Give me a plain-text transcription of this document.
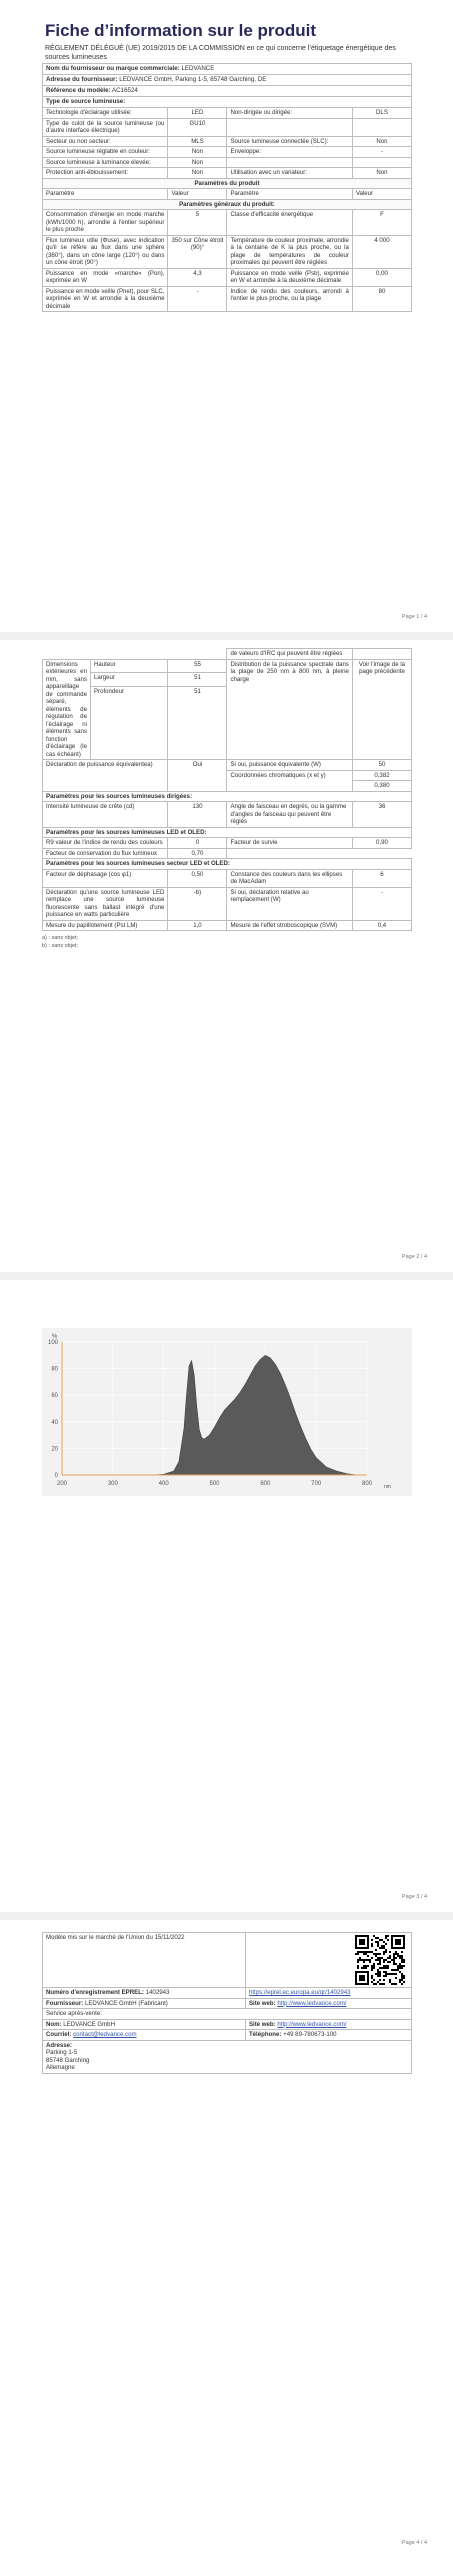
Fiche d’information sur le produit
RÈGLEMENT DÉLÉGUÉ (UE) 2019/2015 DE LA COMMISSION en ce qui concerne l’étiquetage énergétique des sources lumineuses
Nom du fournisseur ou marque commerciale: LEDVANCE
Adresse du fournisseur: LEDVANCE GmbH, Parking 1-5, 85748 Garching, DE
Référence du modèle: AC16524
Type de source lumineuse:
Technologie d'éclairage utilisée:	LED	Non-dirigée ou dirigée:	DLS
Type de culot de la source lumineuse (ou d'autre interface électrique)	GU10		
Secteur ou non secteur:	MLS	Source lumineuse connectée (SLC):	Non
Source lumineuse réglable en couleur:	Non	Enveloppe:	-
Source lumineuse à luminance élevée:	Non		
Protection anti-éblouissement:	Non	Utilisation avec un variateur:	Non
Paramètres du produit			
Paramètre	Valeur	Paramètre	Valeur
Paramètres généraux du produit:			
Consommation d'énergie en mode marche (kWh/1000 h), arrondie à l'entier supérieur le plus proche	5	Classe d'efficacité énergétique	F
Flux lumineux utile (Φuse), avec indication qu'il se réfère au flux dans une sphère (360°), dans un cône large (120°) ou dans un cône étroit (90°)	350 sur Cône étroit (90)°	Température de couleur proximale, arrondie à la centaine de K la plus proche, ou la plage de températures de couleur proximales qui peuvent être réglées	4 000
Puissance en mode «marche» (Pon), exprimée en W	4,3	Puissance en mode veille (Psb), exprimée en W et arrondie à la deuxième décimale	0,00
Puissance en mode veille (Pnet), pour SLC, exprimée en W et arrondie à la deuxième décimale	-	Indice de rendu des couleurs, arrondi à l'entier le plus proche, ou la plage	80
Page 1 / 4
			de valeurs d'IRC qui peuvent être réglées	
Dimensions extérieures en mm, sans appareillage de commande séparé, éléments de régulation de l'éclairage ni éléments sans fonction d'éclairage (le cas échéant)	Hauteur	55	Distribution de la puissance spectrale dans la plage de 250 nm à 800 nm, à pleine charge	Voir l'image de la page précédente
	Largeur	51		
	Profondeur	51		
Déclaration de puissance équivalentea)		Oui	Si oui, puissance équivalente (W)	50
			Coordonnées chromatiques (x et y)	0,382
				0,380
Paramètres pour les sources lumineuses dirigées:				
Intensité lumineuse de crête (cd)		130	Angle de faisceau en degrés, ou la gamme d'angles de faisceau qui peuvent être réglés	36
Paramètres pour les sources lumineuses LED et OLED:				
R9 valeur de l'indice de rendu des couleurs		0	Facteur de survie	0,90
Facteur de conservation du flux lumineux		0,70		
Paramètres pour les sources lumineuses secteur LED et OLED:				
Facteur de déphasage (cos φ1)		0,50	Constance des couleurs dans les ellipses de MacAdam	6
Déclaration qu'une source lumineuse LED remplace une source lumineuse fluorescente sans ballast intégré d'une puissance en watts particulière		-b)	Si oui, déclaration relative au remplacement (W)	-
Mesure du papillotement (Pst LM)		1,0	Mesure de l'effet stroboscopique (SVM)	0,4
a) : sans objet;
b) : sans objet;
Page 2 / 4
200	300	400	500	600	700	800
0
20
40
60
80
100
%
nm
Page 3 / 4
Modèle mis sur le marché de l'Union du 15/11/2022	

Numéro d'enregistrement EPREL: 1402943	https://eprel.ec.europa.eu/qr/1402943
Fournisseur: LEDVANCE GmbH (Fabricant)	Site web: http://www.ledvance.com/
Service après-vente:	
Nom: LEDVANCE GmbH	Site web: http://www.ledvance.com/
Courriel: contact@ledvance.com	Téléphone: +49 89-780673-100

Adresse:
Parking 1-5
85748 Garching
Allemagne	
Page 4 / 4
